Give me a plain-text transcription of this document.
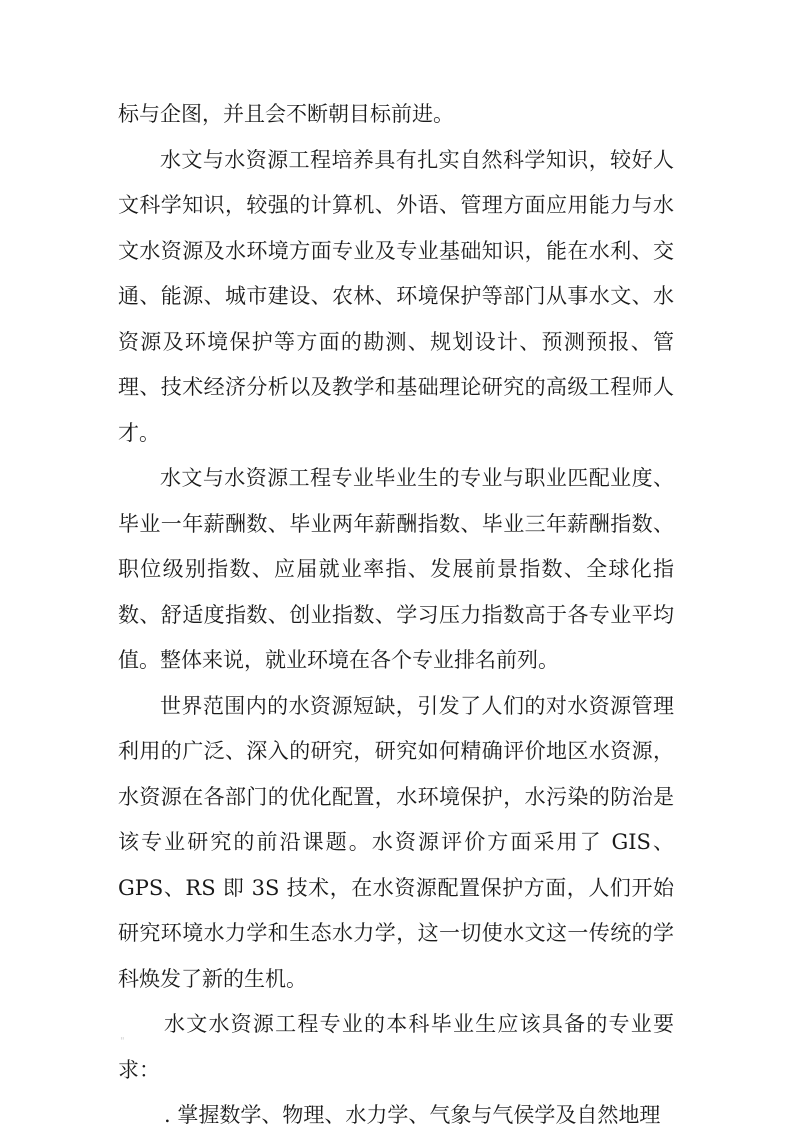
标与企图，并且会不断朝目标前进。

水文与水资源工程培养具有扎实自然科学知识，较好人文科学知识，较强的计算机、外语、管理方面应用能力与水文水资源及水环境方面专业及专业基础知识，能在水利、交通、能源、城市建设、农林、环境保护等部门从事水文、水资源及环境保护等方面的勘测、规划设计、预测预报、管理、技术经济分析以及教学和基础理论研究的高级工程师人才。

水文与水资源工程专业毕业生的专业与职业匹配业度、毕业一年薪酬数、毕业两年薪酬指数、毕业三年薪酬指数、职位级别指数、应届就业率指、发展前景指数、全球化指数、舒适度指数、创业指数、学习压力指数高于各专业平均值。整体来说，就业环境在各个专业排名前列。

世界范围内的水资源短缺，引发了人们的对水资源管理利用的广泛、深入的研究，研究如何精确评价地区水资源，水资源在各部门的优化配置，水环境保护，水污染的防治是该专业研究的前沿课题。水资源评价方面采用了 GIS、 GPS、RS 即 3S 技术，在水资源配置保护方面，人们开始研究环境水力学和生态水力学，这一切使水文这一传统的学科焕发了新的生机。

水文水资源工程专业的本科毕业生应该具备的专业要求：

. 掌握数学、物理、水力学、气象与气侯学及自然地理

"
